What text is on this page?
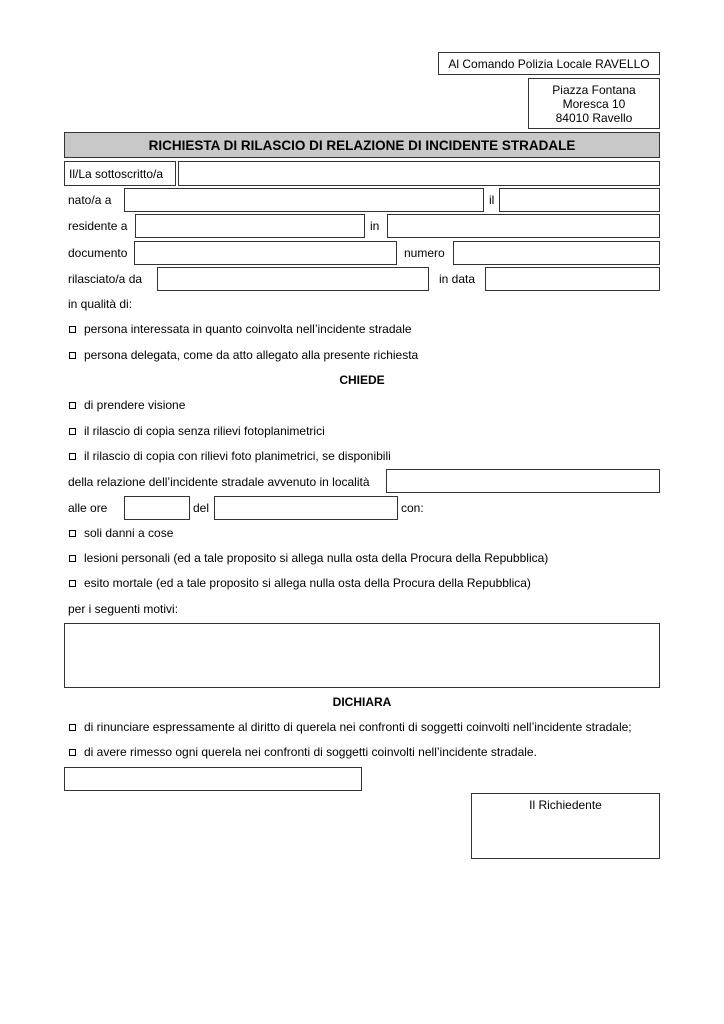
Al Comando Polizia Locale RAVELLO
Piazza Fontana
Moresca 10
84010 Ravello
RICHIESTA DI RILASCIO DI RELAZIONE DI INCIDENTE STRADALE
Il/La sottoscritto/a
nato/a a	il
residente a	in
documento	numero
rilasciato/a da	in data
in qualità di:
persona interessata in quanto coinvolta nell’incidente stradale
persona delegata, come da atto allegato alla presente richiesta
CHIEDE
di prendere visione
il rilascio di copia senza rilievi fotoplanimetrici
il rilascio di copia con rilievi foto planimetrici, se disponibili
della relazione dell’incidente stradale avvenuto in località
alle ore	del	con:
soli danni a cose
lesioni personali (ed a tale proposito si allega nulla osta della Procura della Repubblica)
esito mortale (ed a tale proposito si allega nulla osta della Procura della Repubblica)
per i seguenti motivi:
DICHIARA
di rinunciare espressamente al diritto di querela nei confronti di soggetti coinvolti nell’incidente stradale;
di avere rimesso ogni querela nei confronti di soggetti coinvolti nell’incidente stradale.
Il Richiedente
